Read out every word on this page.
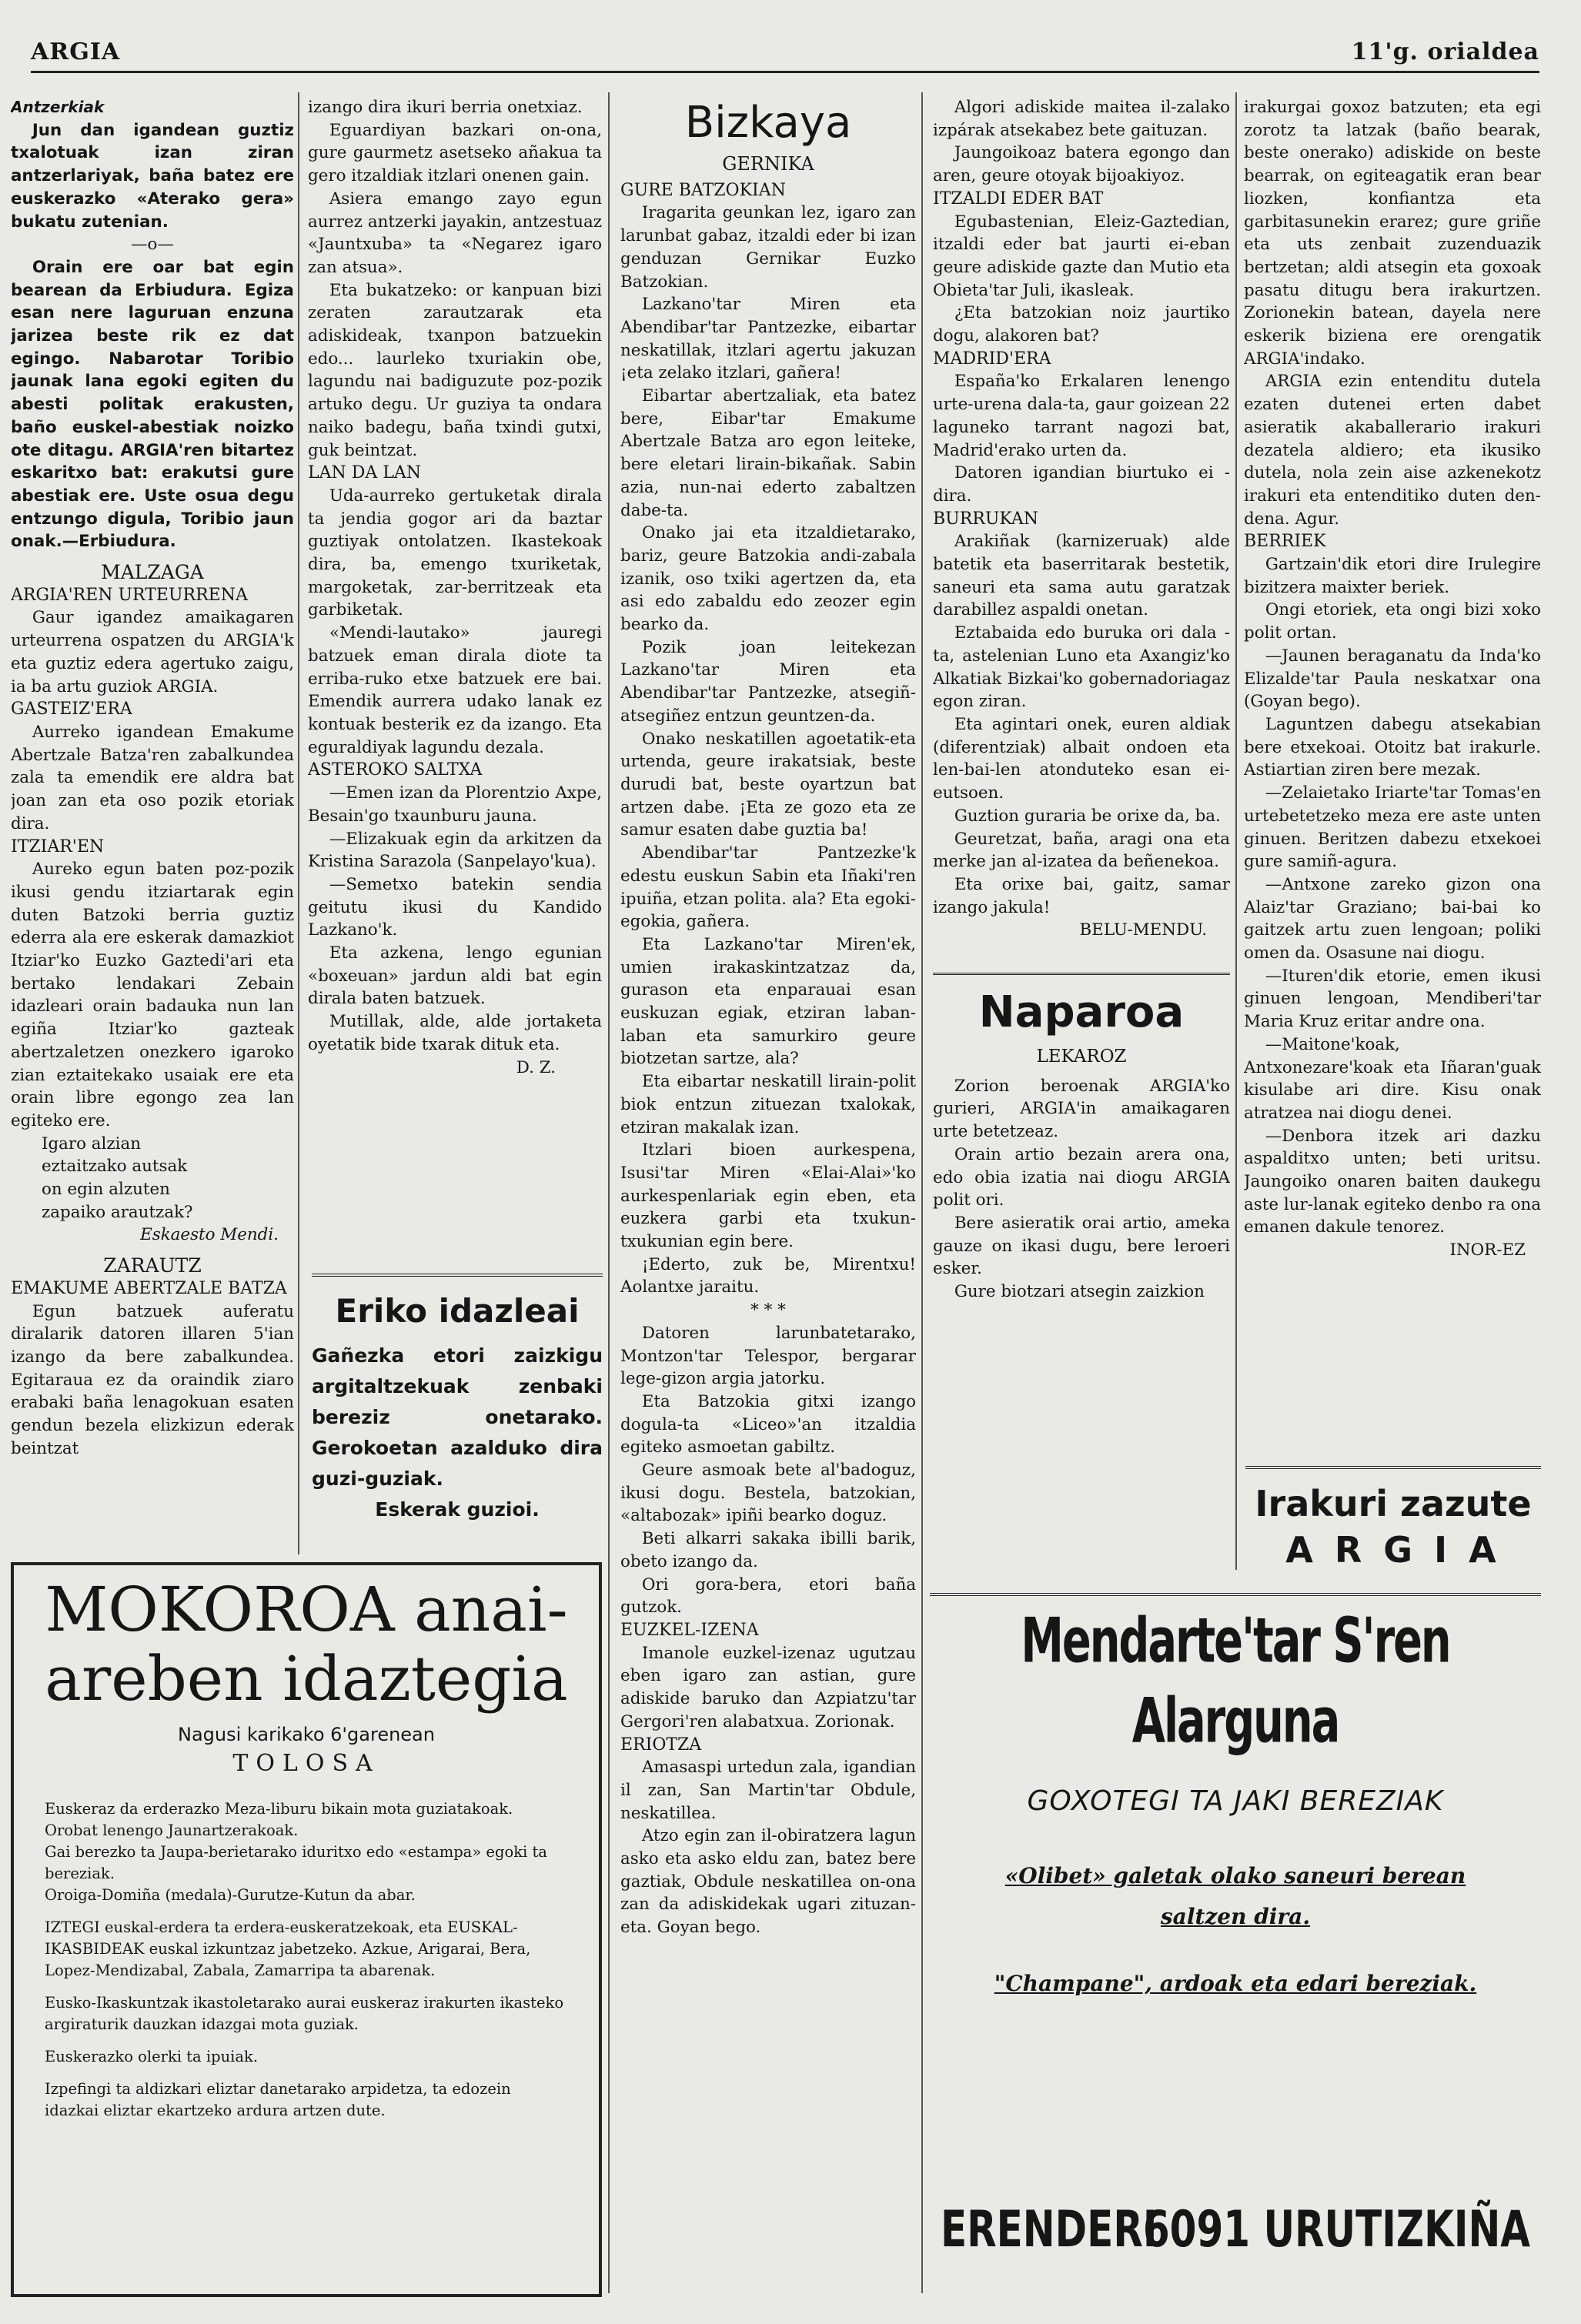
ARGIA	11'g. orialdea

Antzerkiak

Jun dan igandean guztiz txalotuak izan ziran antzerlariyak, baña batez ere euskerazko «Aterako gera» bukatu zutenian.

—o—

Orain ere oar bat egin bearean da Erbiudura. Egiza esan nere laguruan enzuna jarizea beste rik ez dat egingo. Nabarotar Toribio jaunak lana egoki egiten du abesti politak erakusten, baño euskel-abestiak noizko ote ditagu. ARGIA'ren bitartez eskaritxo bat: erakutsi gure abestiak ere. Uste osua degu entzungo digula, Toribio jaun onak.—Erbiudura.

MALZAGA
ARGIA'REN URTEURRENA

Gaur igandez amaikagaren urteurrena ospatzen du ARGIA'k eta guztiz edera agertuko zaigu, ia ba artu guziok ARGIA.

GASTEIZ'ERA

Aurreko igandean Emakume Abertzale Batza'ren zabalkundea zala ta emendik ere aldra bat joan zan eta oso pozik etoriak dira.

ITZIAR'EN

Aureko egun baten poz-pozik ikusi gendu itziartarak egin duten Batzoki berria guztiz ederra ala ere eskerak damazkiot Itziar'ko Euzko Gaztedi'ari eta bertako lendakari Zebain idazleari orain badauka nun lan egiña Itziar'ko gazteak abertzaletzen onezkero igaroko zian eztaitekako usaiak ere eta orain libre egongo zea lan egiteko ere.

Igaro alzian
eztaitzako autsak
on egin alzuten
zapaiko arautzak?
Eskaesto Mendi.
ZARAUTZ
EMAKUME ABERTZALE BATZA

Egun batzuek auferatu diralarik datoren illaren 5'ian izango da bere zabalkundea. Egitaraua ez da oraindik ziaro erabaki baña lenagokuan esaten gendun bezela elizkizun ederak beintzat

izango dira ikuri berria onetxiaz.

Eguardiyan bazkari on-ona, gure gaurmetz asetseko añakua ta gero itzaldiak itzlari onenen gain.

Asiera emango zayo egun aurrez antzerki jayakin, antzestuaz «Jauntxuba» ta «Negarez igaro zan atsua».

Eta bukatzeko: or kanpuan bizi zeraten zarautzarak eta adiskideak, txanpon batzuekin edo... laurleko txuriakin obe, lagundu nai badiguzute poz-pozik artuko degu. Ur guziya ta ondara naiko badegu, baña txindi gutxi, guk beintzat.

LAN DA LAN

Uda-aurreko gertuketak dirala ta jendia gogor ari da baztar guztiyak ontolatzen. Ikastekoak dira, ba, emengo txuriketak, margoketak, zar-berritzeak eta garbiketak.

«Mendi-lautako» jauregi batzuek eman dirala diote ta erriba-ruko etxe batzuek ere bai. Emendik aurrera udako lanak ez kontuak besterik ez da izango. Eta eguraldiyak lagundu dezala.

ASTEROKO SALTXA

—Emen izan da Plorentzio Axpe, Besain'go txaunburu jauna.

—Elizakuak egin da arkitzen da Kristina Sarazola (Sanpelayo'kua).

—Semetxo batekin sendia geitutu ikusi du Kandido Lazkano'k.

Eta azkena, lengo egunian «boxeuan» jardun aldi bat egin dirala baten batzuek.

Mutillak, alde, alde jortaketa oyetatik bide txarak dituk eta.

D. Z.
Eriko idazleai
Gañezka etori zaizkigu argitaltzekuak zenbaki bereziz onetarako. Gerokoetan azalduko dira guzi-guziak.
Eskerak guzioi.
MOKOROA anai-
areben idaztegia
Nagusi karikako 6'garenean
TOLOSA

Euskeraz da erderazko Meza-liburu bikain mota guziatakoak.

Orobat lenengo Jaunartzerakoak.

Gai berezko ta Jaupa-berietarako iduritxo edo «estampa» egoki ta bereziak.

Oroiga-Domiña (medala)-Gurutze-Kutun da abar.

IZTEGI euskal-erdera ta erdera-euskeratzekoak, eta EUSKAL-IKASBIDEAK euskal izkuntzaz jabetzeko. Azkue, Arigarai, Bera, Lopez-Mendizabal, Zabala, Zamarripa ta abarenak.

Eusko-Ikaskuntzak ikastoletarako aurai euskeraz irakurten ikasteko argiraturik dauzkan idazgai mota guziak.

Euskerazko olerki ta ipuiak.

Izpefingi ta aldizkari eliztar danetarako arpidetza, ta edozein idazkai eliztar ekartzeko ardura artzen dute.

Bizkaya
GERNIKA
GURE BATZOKIAN

Iragarita geunkan lez, igaro zan larunbat gabaz, itzaldi eder bi izan genduzan Gernikar Euzko Batzokian.

Lazkano'tar Miren eta Abendibar'tar Pantzezke, eibartar neskatillak, itzlari agertu jakuzan ¡eta zelako itzlari, gañera!

Eibartar abertzaliak, eta batez bere, Eibar'tar Emakume Abertzale Batza aro egon leiteke, bere eletari lirain-bikañak. Sabin azia, nun-nai ederto zabaltzen dabe-ta.

Onako jai eta itzaldietarako, bariz, geure Batzokia andi-zabala izanik, oso txiki agertzen da, eta asi edo zabaldu edo zeozer egin bearko da.

Pozik joan leitekezan Lazkano'tar Miren eta Abendibar'tar Pantzezke, atsegiñ-atsegiñez entzun geuntzen-da.

Onako neskatillen agoetatik-eta urtenda, geure irakatsiak, beste durudi bat, beste oyartzun bat artzen dabe. ¡Eta ze gozo eta ze samur esaten dabe guztia ba!

Abendibar'tar Pantzezke'k edestu euskun Sabin eta Iñaki'ren ipuiña, etzan polita. ala? Eta egoki-egokia, gañera.

Eta Lazkano'tar Miren'ek, umien irakaskintzatzaz da, gurason eta enparauai esan euskuzan egiak, etziran laban-laban eta samurkiro geure biotzetan sartze, ala?

Eta eibartar neskatill lirain-polit biok entzun zituezan txalokak, etziran makalak izan.

Itzlari bioen aurkespena, Isusi'tar Miren «Elai-Alai»'ko aurkespenlariak egin eben, eta euzkera garbi eta txukun-txukunian egin bere.

¡Ederto, zuk be, Mirentxu! Aolantxe jaraitu.

* * *

Datoren larunbatetarako, Montzon'tar Telespor, bergarar lege-gizon argia jatorku.

Eta Batzokia gitxi izango dogula-ta «Liceo»'an itzaldia egiteko asmoetan gabiltz.

Geure asmoak bete al'badoguz, ikusi dogu. Bestela, batzokian, «altabozak» ipiñi bearko doguz.

Beti alkarri sakaka ibilli barik, obeto izango da.

Ori gora-bera, etori baña gutzok.

EUZKEL-IZENA

Imanole euzkel-izenaz ugutzau eben igaro zan astian, gure adiskide baruko dan Azpiatzu'tar Gergori'ren alabatxua. Zorionak.

ERIOTZA

Amasaspi urtedun zala, igandian il zan, San Martin'tar Obdule, neskatillea.

Atzo egin zan il-obiratzera lagun asko eta asko eldu zan, batez bere gaztiak, Obdule neskatillea on-ona zan da adiskidekak ugari zituzan-eta. Goyan bego.

Algori adiskide maitea il-zalako izpárak atsekabez bete gaituzan.

Jaungoikoaz batera egongo dan aren, geure otoyak bijoakiyoz.

ITZALDI EDER BAT

Egubastenian, Eleiz-Gaztedian, itzaldi eder bat jaurti ei-eban geure adiskide gazte dan Mutio eta Obieta'tar Juli, ikasleak.

¿Eta batzokian noiz jaurtiko dogu, alakoren bat?

MADRID'ERA

España'ko Erkalaren lenengo urte-urena dala-ta, gaur goizean 22 laguneko tarrant nagozi bat, Madrid'erako urten da.

Datoren igandian biurtuko ei -dira.

BURRUKAN

Arakiñak (karnizeruak) alde batetik eta baserritarak bestetik, saneuri eta sama autu garatzak darabillez aspaldi onetan.

Eztabaida edo buruka ori dala -ta, astelenian Luno eta Axangiz'ko Alkatiak Bizkai'ko gobernadoriagaz egon ziran.

Eta agintari onek, euren aldiak (diferentziak) albait ondoen eta len-bai-len atonduteko esan ei-eutsoen.

Guztion guraria be orixe da, ba.

Geuretzat, baña, aragi ona eta merke jan al-izatea da beñenekoa.

Eta orixe bai, gaitz, samar izango jakula!

BELU-MENDU.
Naparoa
LEKAROZ

Zorion beroenak ARGIA'ko gurieri, ARGIA'in amaikagaren urte betetzeaz.

Orain artio bezain arera ona, edo obia izatia nai diogu ARGIA polit ori.

Bere asieratik orai artio, ameka gauze on ikasi dugu, bere leroeri esker.

Gure biotzari atsegin zaizkion

irakurgai goxoz batzuten; eta egi zorotz ta latzak (baño bearak, beste onerako) adiskide on beste bearrak, on egiteagatik eran bear liozken, konfiantza eta garbitasunekin erarez; gure griñe eta uts zenbait zuzenduazik bertzetan; aldi atsegin eta goxoak pasatu ditugu bera irakurtzen. Zorionekin batean, dayela nere eskerik biziena ere orengatik ARGIA'indako.

ARGIA ezin entenditu dutela ezaten dutenei erten dabet asieratik akaballerario irakuri dezatela aldiero; eta ikusiko dutela, nola zein aise azkenekotz irakuri eta entenditiko duten den-dena. Agur.

BERRIEK

Gartzain'dik etori dire Irulegire bizitzera maixter beriek.

Ongi etoriek, eta ongi bizi xoko polit ortan.

—Jaunen beraganatu da Inda'ko Elizalde'tar Paula neskatxar ona (Goyan bego).

Laguntzen dabegu atsekabian bere etxekoai. Otoitz bat irakurle. Astiartian ziren bere mezak.

—Zelaietako Iriarte'tar Tomas'en urtebetetzeko meza ere aste unten ginuen. Beritzen dabezu etxekoei gure samiñ-agura.

—Antxone zareko gizon ona Alaiz'tar Graziano; bai-bai ko gaitzek artu zuen lengoan; poliki omen da. Osasune nai diogu.

—Ituren'dik etorie, emen ikusi ginuen lengoan, Mendiberi'tar Maria Kruz eritar andre ona.

—Maitone'koak, Antxonezare'koak eta Iñaran'guak kisulabe ari dire. Kisu onak atratzea nai diogu denei.

—Denbora itzek ari dazku aspalditxo unten; beti uritsu. Jaungoiko onaren baiten daukegu aste lur-lanak egiteko denbo ra ona emanen dakule tenorez.

INOR-EZ
Irakuri zazute
A R G I A
Mendarte'tar S'ren Alarguna
GOXOTEGI TA JAKI BEREZIAK
«Olibet» galetak olako saneuri berean
saltzen dira.
"Champane", ardoak eta edari bereziak.
ERENDERI
6091 URUTIZKIÑA
